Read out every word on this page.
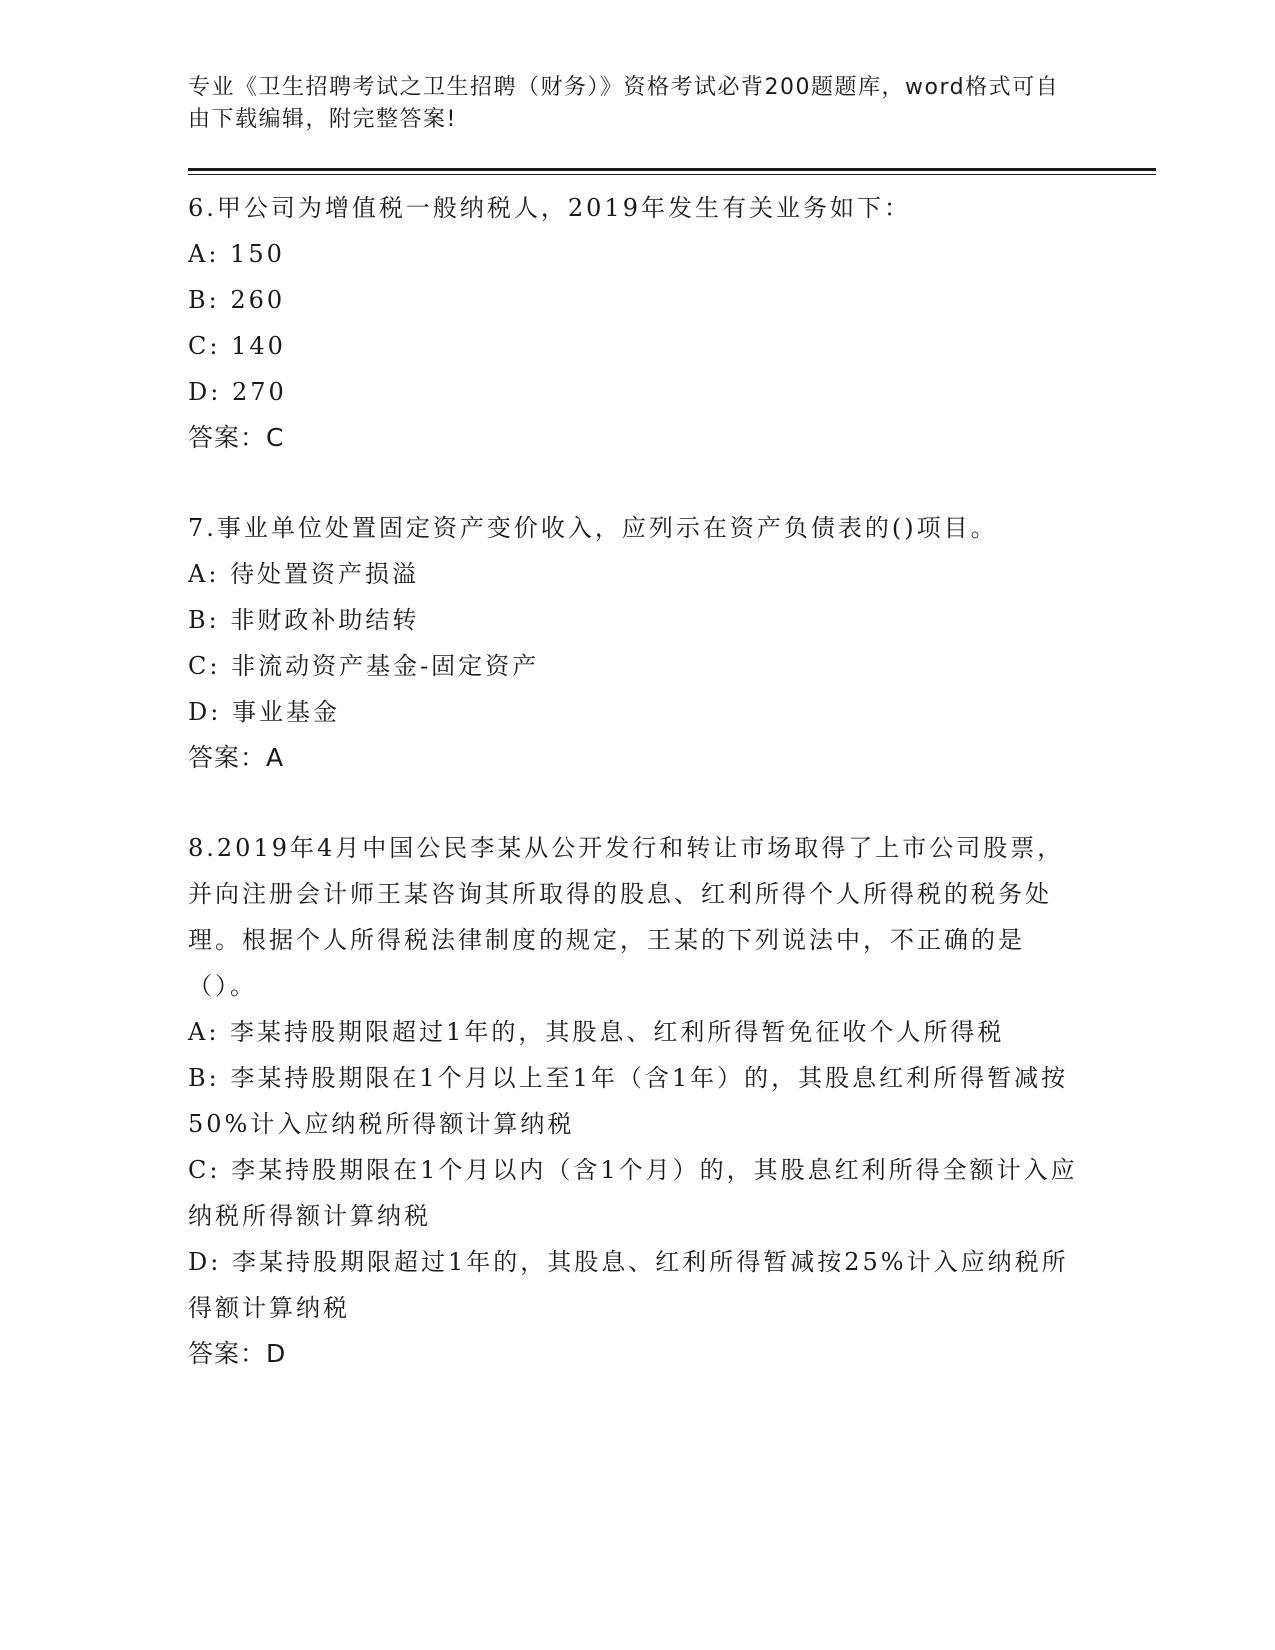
专业《卫生招聘考试之卫生招聘（财务）》资格考试必背200题题库，word格式可自由下载编辑，附完整答案!
6.甲公司为增值税一般纳税人，2019年发生有关业务如下：
A: 150
B: 260
C: 140
D: 270
答案：C
7.事业单位处置固定资产变价收入，应列示在资产负债表的()项目。
A: 待处置资产损溢
B: 非财政补助结转
C: 非流动资产基金-固定资产
D: 事业基金
答案：A
8.2019年4月中国公民李某从公开发行和转让市场取得了上市公司股票，并向注册会计师王某咨询其所取得的股息、红利所得个人所得税的税务处理。根据个人所得税法律制度的规定，王某的下列说法中，不正确的是（）。
A: 李某持股期限超过1年的，其股息、红利所得暂免征收个人所得税
B: 李某持股期限在1个月以上至1年（含1年）的，其股息红利所得暂减按50%计入应纳税所得额计算纳税
C: 李某持股期限在1个月以内（含1个月）的，其股息红利所得全额计入应纳税所得额计算纳税
D: 李某持股期限超过1年的，其股息、红利所得暂减按25%计入应纳税所得额计算纳税
答案：D
